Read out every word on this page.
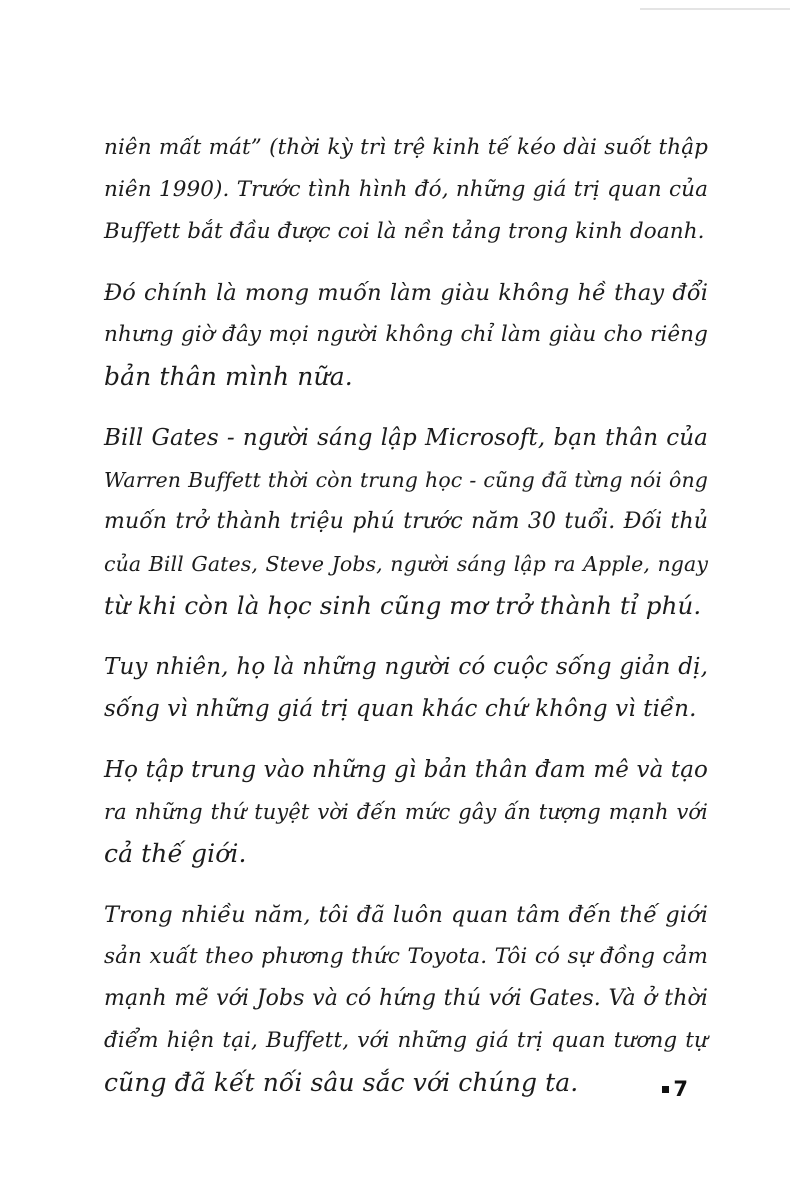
niên mất mát” (thời kỳ trì trệ kinh tế kéo dài suốt thập
niên 1990). Trước tình hình đó, những giá trị quan của
Buffett bắt đầu được coi là nền tảng trong kinh doanh.

Đó chính là mong muốn làm giàu không hề thay đổi
nhưng giờ đây mọi người không chỉ làm giàu cho riêng
bản thân mình nữa.

Bill Gates - người sáng lập Microsoft, bạn thân của
Warren Buffett thời còn trung học - cũng đã từng nói ông
muốn trở thành triệu phú trước năm 30 tuổi. Đối thủ
của Bill Gates, Steve Jobs, người sáng lập ra Apple, ngay
từ khi còn là học sinh cũng mơ trở thành tỉ phú.

Tuy nhiên, họ là những người có cuộc sống giản dị,
sống vì những giá trị quan khác chứ không vì tiền.

Họ tập trung vào những gì bản thân đam mê và tạo
ra những thứ tuyệt vời đến mức gây ấn tượng mạnh với
cả thế giới.

Trong nhiều năm, tôi đã luôn quan tâm đến thế giới
sản xuất theo phương thức Toyota. Tôi có sự đồng cảm
mạnh mẽ với Jobs và có hứng thú với Gates. Và ở thời
điểm hiện tại, Buffett, với những giá trị quan tương tự
cũng đã kết nối sâu sắc với chúng ta.	7
